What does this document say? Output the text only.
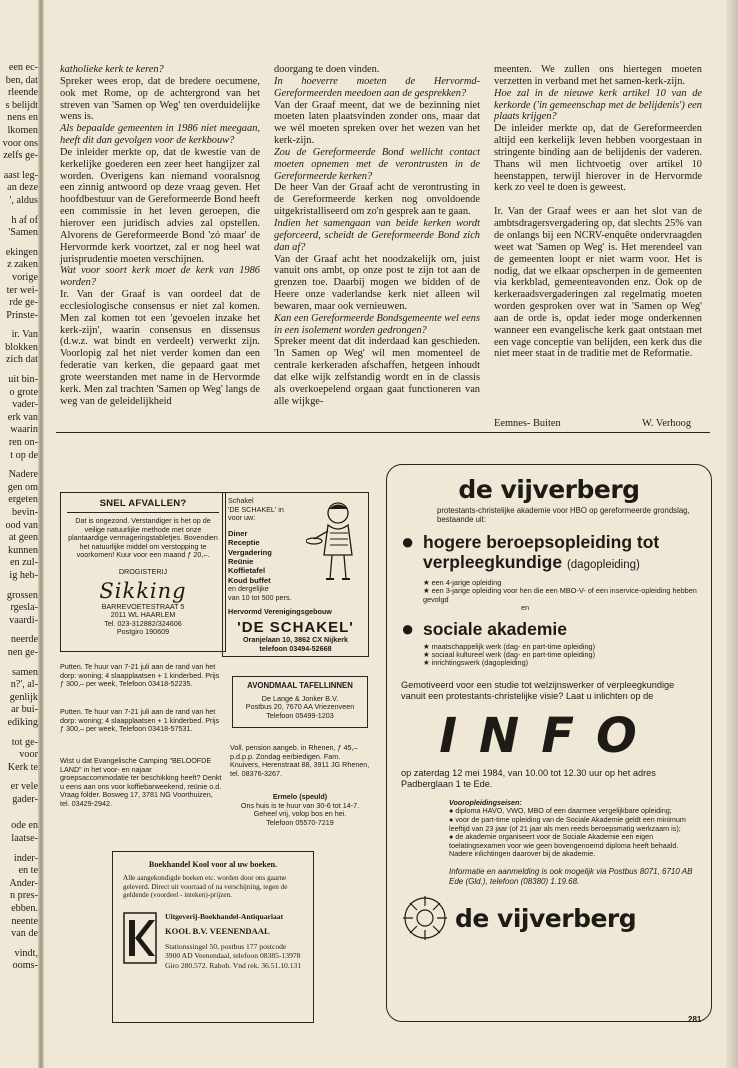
een ec-
ben, dat
rleende
s belijdt
nens en
lkomen
voor ons
zelfs ge-
aast leg-
an deze
', aldus
h af of
'Samen
ekingen
z zaken
vorige
ter wei-
rde ge-
Prinste-
ir. Van
blokken
zich dat
uit bin-
o grote
vader-
erk van
waarin
ren on-
t op de
Nadere
gen om
ergeten
bevin-
ood van
at geen
kunnen
en zul-
ig heb-
grossen
rgesla-
vaardi-
neerde
nen ge-
samen
n?', al-
genlijk
ar bui-
ediking
tot ge-
voor
Kerk te
er vele
gader-
ode en
laatse-
inder-
en te
Ander-
n pres-
ebben.
neente
van de
vindt,
ooms-

katholieke kerk te keren?

Spreker wees erop, dat de bredere oecumene, ook met Rome, op de achtergrond van het streven van 'Samen op Weg' ten overduidelijke wens is.

Als bepaalde gemeenten in 1986 niet meegaan, heeft dit dan gevolgen voor de kerkbouw?

De inleider merkte op, dat de kwestie van de kerkelijke goederen een zeer heet hangijzer zal worden. Overigens kan niemand vooralsnog een zinnig antwoord op deze vraag geven. Het hoofdbestuur van de Gereformeerde Bond heeft een commissie in het leven geroepen, die hierover een juridisch advies zal opstellen. Alvorens de Gereformeerde Bond 'zó maar' de Hervormde kerk voortzet, zal er nog heel wat jurisprudentie moeten verschijnen.

Wat voor soort kerk moet de kerk van 1986 worden?

Ir. Van der Graaf is van oordeel dat de ecclesiologische consensus er niet zal komen. Men zal komen tot een 'gevoelen inzake het kerk-zijn', waarin consensus en dissensus (d.w.z. wat bindt en verdeelt) verwerkt zijn. Voorlopig zal het niet verder komen dan een federatie van kerken, die gepaard gaat met grote weerstanden met name in de Hervormde kerk. Men zal trachten 'Samen op Weg' langs de weg van de geleidelijkheid

doorgang te doen vinden.

In hoeverre moeten de Hervormd-Gereformeerden meedoen aan de gesprekken?

Van der Graaf meent, dat we de bezinning niet moeten laten plaatsvinden zonder ons, maar dat we wél moeten spreken over het wezen van het kerk-zijn.

Zou de Gereformeerde Bond wellicht contact moeten opnemen met de verontrusten in de Gereformeerde kerken?

De heer Van der Graaf acht de verontrusting in de Gereformeerde kerken nog onvoldoende uitgekristalliseerd om zo'n gesprek aan te gaan.

Indien het samengaan van beide kerken wordt geforceerd, scheidt de Gereformeerde Bond zich dan af?

Van der Graaf acht het noodzakelijk om, juist vanuit ons ambt, op onze post te zijn tot aan de grenzen toe. Daarbij mogen we bidden of de Heere onze vaderlandse kerk niet alleen wil bewaren, maar ook vernieuwen.

Kan een Gereformeerde Bondsgemeente wel eens in een isolement worden gedrongen?

Spreker meent dat dit inderdaad kan geschieden. 'In Samen op Weg' wil men momenteel de centrale kerkeraden afschaffen, hetgeen inhoudt dat elke wijk zelfstandig wordt en in de classis als overkoepelend orgaan gaat functioneren van alle wijkge-

meenten. We zullen ons hiertegen moeten verzetten in verband met het samen-kerk-zijn.

Hoe zal in de nieuwe kerk artikel 10 van de kerkorde ('in gemeenschap met de belijdenis') een plaats krijgen?

De inleider merkte op, dat de Gereformeerden altijd een kerkelijk leven hebben voorgestaan in stringente binding aan de belijdenis der vaderen. Thans wil men lichtvoetig over artikel 10 heenstappen, terwijl hierover in de Hervormde kerk zo veel te doen is geweest.

Ir. Van der Graaf wees er aan het slot van de ambtsdragersvergadering op, dat slechts 25% van de onlangs bij een NCRV-enquête ondervraagden weet wat 'Samen op Weg' is. Het merendeel van de gemeenten loopt er niet warm voor. Het is nodig, dat we elkaar opscherpen in de gemeenten via kerkblad, gemeenteavonden enz. Ook op de kerkeraadsvergaderingen zal regelmatig moeten worden gesproken over wat in 'Samen op Weg' aan de orde is, opdat ieder moge onderkennen wanneer een evangelische kerk gaat ontstaan met een vage conceptie van belijden, een kerk dus die niet meer staat in de traditie met de Reformatie.

Eemnes- Buiten	W. Verhoog
SNEL AFVALLEN?
Dat is ongezond. Verstandiger is het op de veilige natuurlijke methode met onze plantaardige vermageringstabletjes. Bovendien het natuurlijke middel om verstopping te voorkomen! Kuur voor een maand ƒ 20,–.
DROGISTERIJ
Sikking
BARREVOETESTRAAT 5
2011 WL HAARLEM
Tel. 023-312882/324606
Postgiro 190609
Schakel
'DE SCHAKEL' in
voor uw:
Diner
Receptie
Vergadering
Reünie
Koffietafel
Koud buffet
en dergelijke
van 10 tot 500 pers.
Hervormd Verenigingsgebouw
'DE SCHAKEL'
Oranjelaan 10, 3862 CX Nijkerk
telefoon 03494-52668
Putten. Te huur van 7-21 juli aan de rand van het dorp: woning; 4 slaapplaatsen + 1 kinderbed. Prijs ƒ 300,– per week, Telefoon 03418-52235.
Putten. Te huur van 7-21 juli aan de rand van het dorp: woning; 4 slaapplaatsen + 1 kinderbed. Prijs ƒ 300,– per week, Telefoon 03418-57531.
Wist u dat Evangelische Camping "BELOOFDE LAND" in het voor- en najaar groepsaccommodatie ter beschikking heeft? Denkt u eens aan ons voor koffiebarweekend, reünie o.d. Vraag folder. Bosweg 17, 3781 NG Voorthuizen, tel. 03429-2942.
AVONDMAAL TAFELLINNEN
De Lange & Jonker B.V.
Postbus 20, 7670 AA Vriezenveen
Telefoon 05499-1203
Voll. pension aangeb. in Rhenen, ƒ 45,– p.d.p.p. Zondag eerbiedigen. Fam. Knuivers, Herenstraat 88, 3911 JG Rhenen, tel. 08376-3267.
Ermelo (speuld)
Ons huis is te huur van 30-6 tot 14-7.
Geheel vrij, volop bos en hei.
Telefoon 05570-7219
Boekhandel Kool voor al uw boeken.
Alle aangekondigde boeken etc. worden door ons gaarne geleverd. Direct uit voorraad of na verschijning, tegen de geldende (voordeel - inteken)-prijzen.
Uitgeverij-Boekhandel-Antiquariaat
KOOL B.V. VEENENDAAL
Stationssingel 50, postbus 177 postcode
3900 AD Veenendaal, telefoon 08385-13978
Giro 280.572. Rabob. Vnd rek. 36.51.10.131
de vijverberg
protestants-christelijke akademie voor HBO op gereformeerde grondslag, bestaande uit:
● hogere beroepsopleiding tot verpleegkundige (dagopleiding)
★ een 4-jarige opleiding
★ een 3-jarige opleiding voor hen die een MBO-V- of een inservice-opleiding hebben gevolgd
en
● sociale akademie
★ maatschappelijk werk (dag- en part-time opleiding)
★ sociaal kultureel werk (dag- en part-time opleiding)
★ inrichtingswerk (dagopleiding)
Gemotiveerd voor een studie tot welzijnswerker of verpleegkundige vanuit een protestants-christelijke visie? Laat u inlichten op de
INFO
op zaterdag 12 mei 1984, van 10.00 tot 12.30 uur op het adres Padberglaan 1 te Ede.
Vooropleidingseisen:
● diploma HAVO, VWO, MBO of een daarmee vergelijkbare opleiding;
● voor de part-time opleiding van de Sociale Akademie geldt een minimum leeftijd van 23 jaar (of 21 jaar als men reeds beroepsmatig werkzaam is);
● de akademie organiseert voor de Sociale Akademie een eigen toelatingsexamen voor wie geen bovengenoemd diploma heeft behaald. Nadere inlichtingen daarover bij de akademie.
Informatie en aanmelding is ook mogelijk via Postbus 8071, 6710 AB Ede (Gld.), telefoon (08380) 1.19.68.
de vijverberg
281
